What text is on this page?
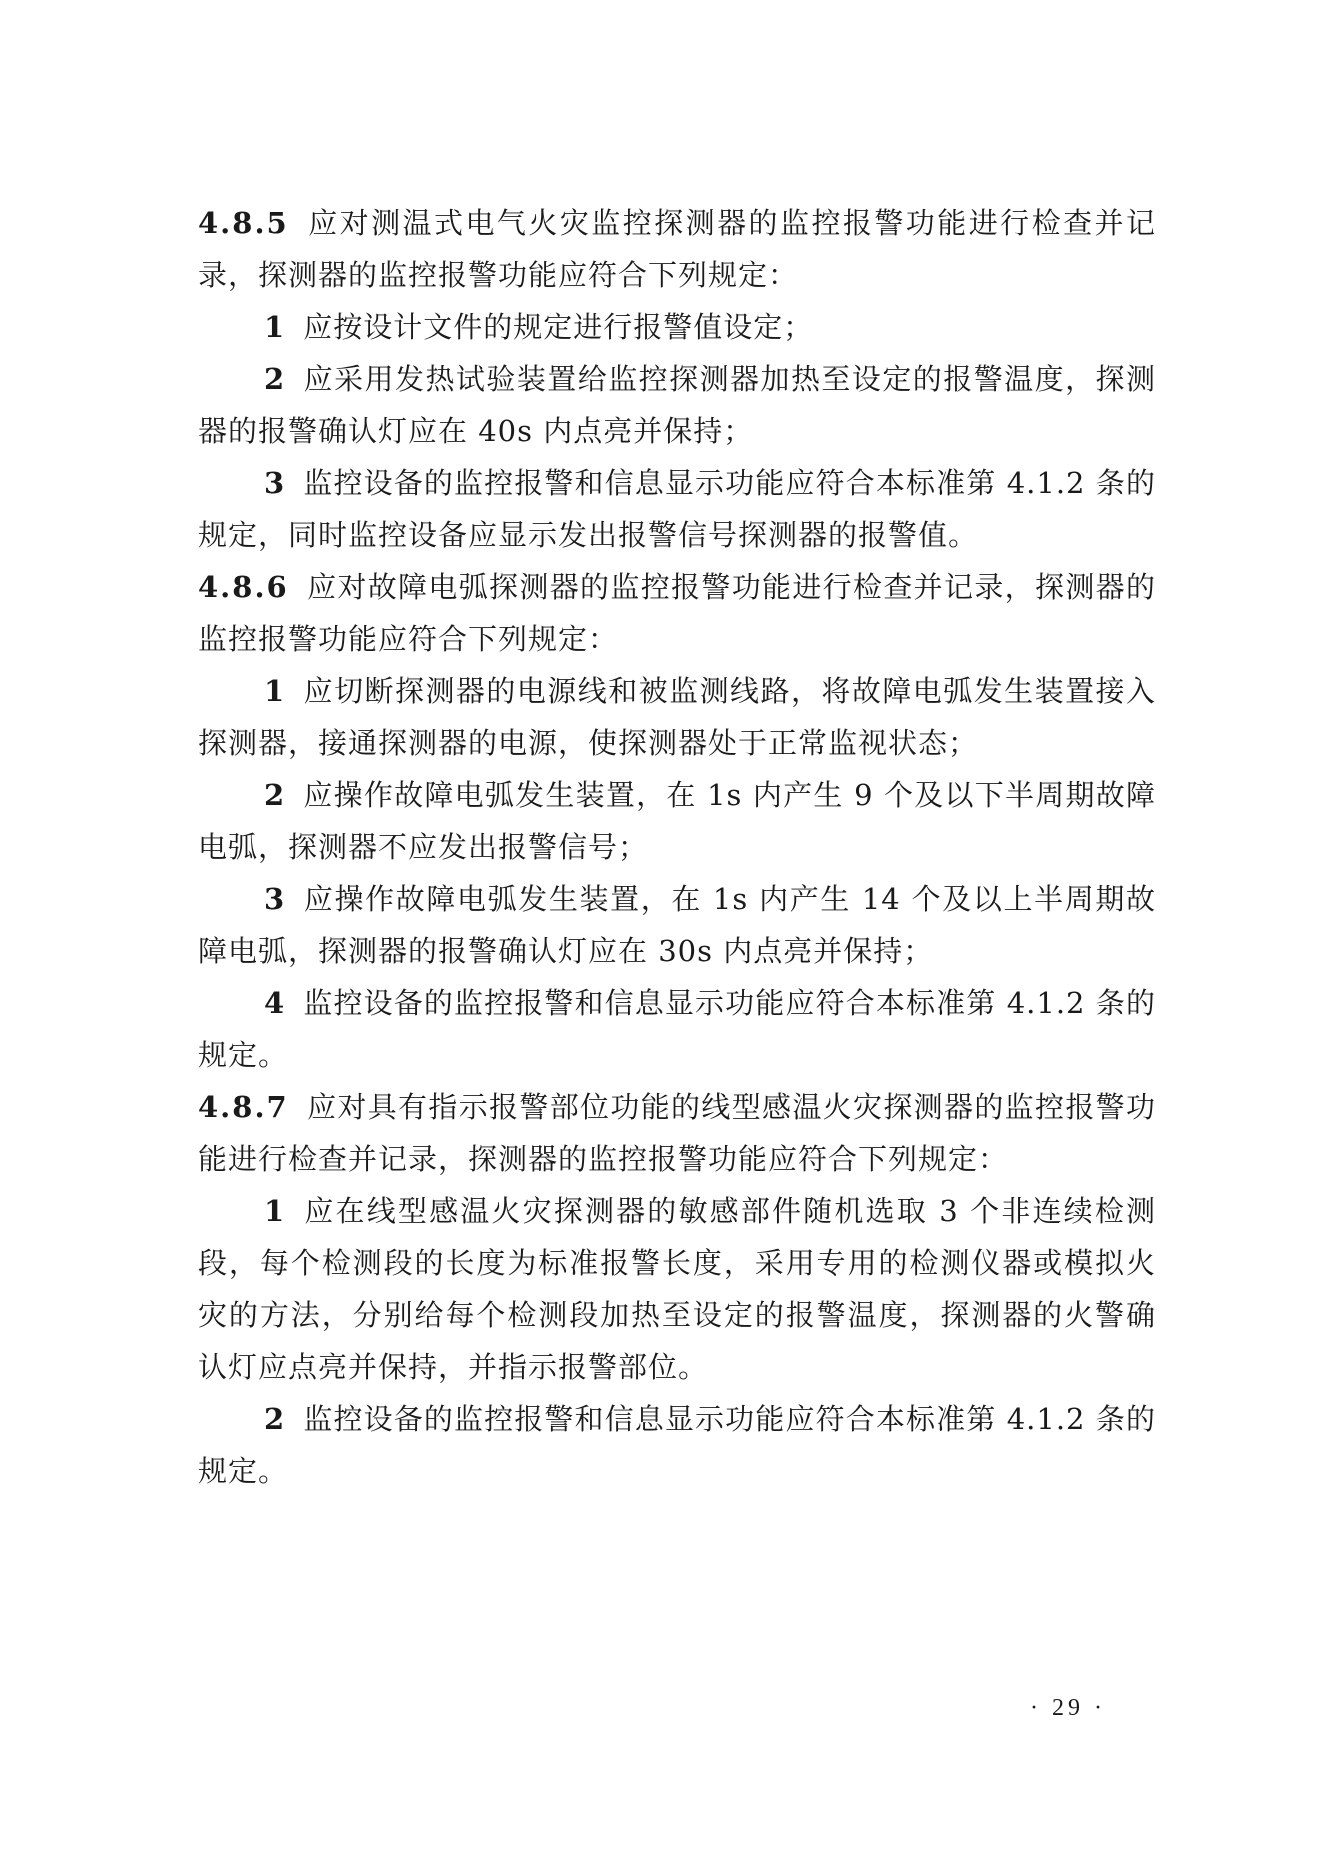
4.8.5 应对测温式电气火灾监控探测器的监控报警功能进行检查并记录，探测器的监控报警功能应符合下列规定：

1 应按设计文件的规定进行报警值设定；

2 应采用发热试验装置给监控探测器加热至设定的报警温度，探测器的报警确认灯应在 40s 内点亮并保持；

3 监控设备的监控报警和信息显示功能应符合本标准第 4.1.2 条的规定，同时监控设备应显示发出报警信号探测器的报警值。

4.8.6 应对故障电弧探测器的监控报警功能进行检查并记录，探测器的监控报警功能应符合下列规定：

1 应切断探测器的电源线和被监测线路，将故障电弧发生装置接入探测器，接通探测器的电源，使探测器处于正常监视状态；

2 应操作故障电弧发生装置，在 1s 内产生 9 个及以下半周期故障电弧，探测器不应发出报警信号；

3 应操作故障电弧发生装置，在 1s 内产生 14 个及以上半周期故障电弧，探测器的报警确认灯应在 30s 内点亮并保持；

4 监控设备的监控报警和信息显示功能应符合本标准第 4.1.2 条的规定。

4.8.7 应对具有指示报警部位功能的线型感温火灾探测器的监控报警功能进行检查并记录，探测器的监控报警功能应符合下列规定：

1 应在线型感温火灾探测器的敏感部件随机选取 3 个非连续检测段，每个检测段的长度为标准报警长度，采用专用的检测仪器或模拟火灾的方法，分别给每个检测段加热至设定的报警温度，探测器的火警确认灯应点亮并保持，并指示报警部位。

2 监控设备的监控报警和信息显示功能应符合本标准第 4.1.2 条的规定。

· 29 ·
